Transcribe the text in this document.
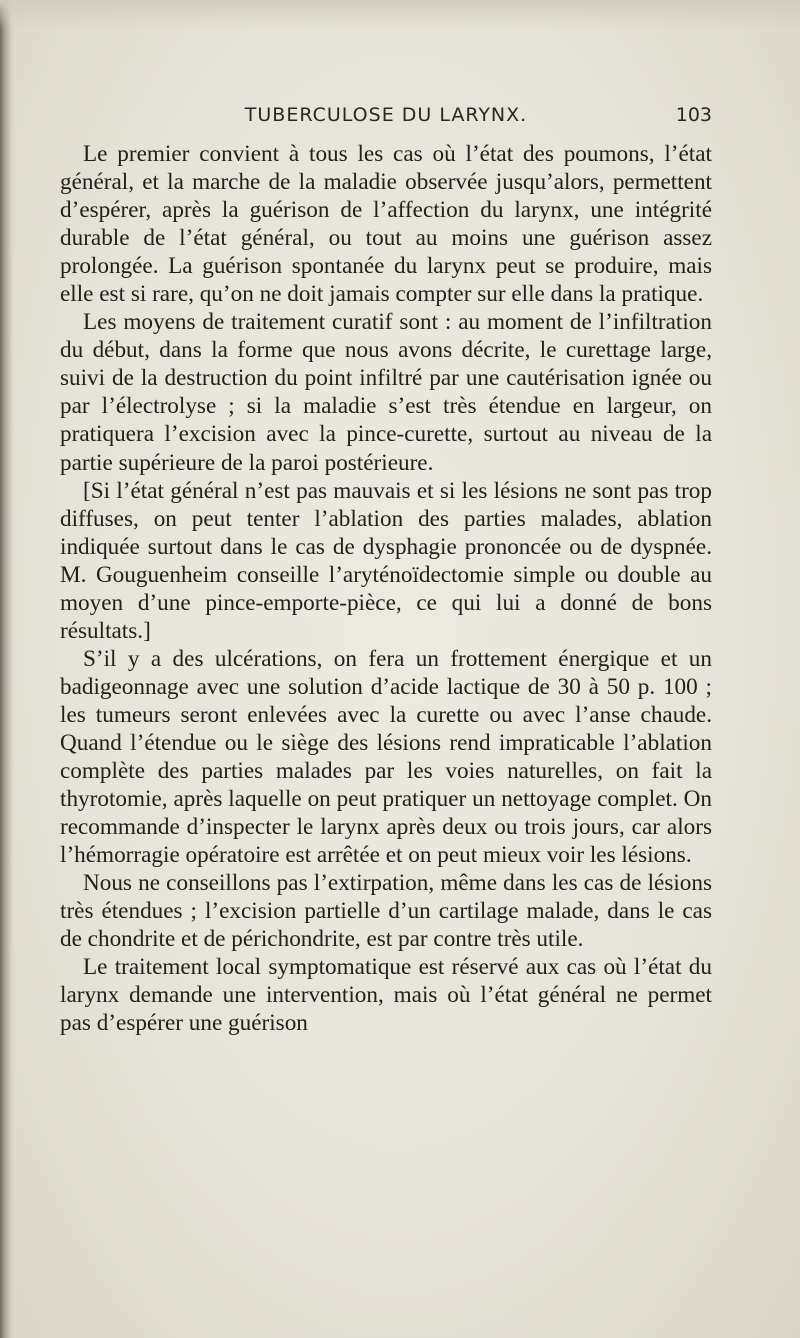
TUBERCULOSE DU LARYNX.	103

Le premier convient à tous les cas où l’état des poumons, l’état général, et la marche de la maladie observée jusqu’alors, permettent d’espérer, après la guérison de l’affection du larynx, une intégrité durable de l’état général, ou tout au moins une guérison assez prolongée. La guérison spontanée du larynx peut se produire, mais elle est si rare, qu’on ne doit jamais compter sur elle dans la pratique.

Les moyens de traitement curatif sont : au moment de l’infiltration du début, dans la forme que nous avons décrite, le curettage large, suivi de la destruction du point infiltré par une cautérisation ignée ou par l’électrolyse ; si la maladie s’est très étendue en largeur, on pratiquera l’excision avec la pince-curette, surtout au niveau de la partie supérieure de la paroi postérieure.

[Si l’état général n’est pas mauvais et si les lésions ne sont pas trop diffuses, on peut tenter l’ablation des parties malades, ablation indiquée surtout dans le cas de dysphagie prononcée ou de dyspnée. M. Gouguenheim conseille l’aryténoïdectomie simple ou double au moyen d’une pince-emporte-pièce, ce qui lui a donné de bons résultats.]

S’il y a des ulcérations, on fera un frottement énergique et un badigeonnage avec une solution d’acide lactique de 30 à 50 p. 100 ; les tumeurs seront enlevées avec la curette ou avec l’anse chaude. Quand l’étendue ou le siège des lésions rend impraticable l’ablation complète des parties malades par les voies naturelles, on fait la thyrotomie, après laquelle on peut pratiquer un nettoyage complet. On recommande d’inspecter le larynx après deux ou trois jours, car alors l’hémorragie opératoire est arrêtée et on peut mieux voir les lésions.

Nous ne conseillons pas l’extirpation, même dans les cas de lésions très étendues ; l’excision partielle d’un cartilage malade, dans le cas de chondrite et de périchondrite, est par contre très utile.

Le traitement local symptomatique est réservé aux cas où l’état du larynx demande une intervention, mais où l’état général ne permet pas d’espérer une guérison
